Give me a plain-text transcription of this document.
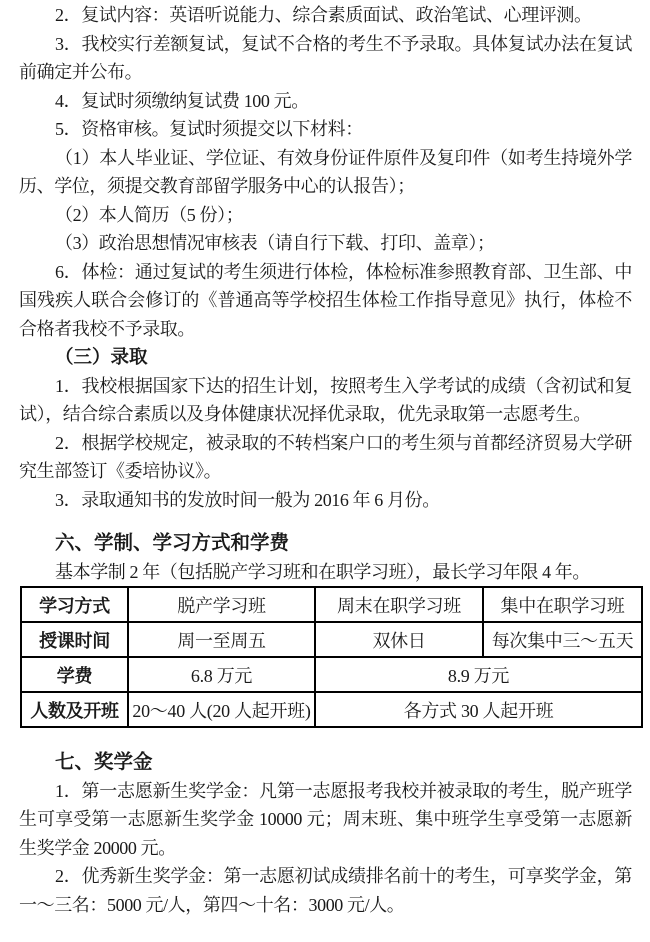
2．复试内容：英语听说能力、综合素质面试、政治笔试、心理评测。

3．我校实行差额复试，复试不合格的考生不予录取。具体复试办法在复试前确定并公布。

4．复试时须缴纳复试费 100 元。

5．资格审核。复试时须提交以下材料：

（1）本人毕业证、学位证、有效身份证件原件及复印件（如考生持境外学历、学位，须提交教育部留学服务中心的认报告）；

（2）本人简历（5 份）；

（3）政治思想情况审核表（请自行下载、打印、盖章）；

6．体检：通过复试的考生须进行体检，体检标准参照教育部、卫生部、中国残疾人联合会修订的《普通高等学校招生体检工作指导意见》执行，体检不合格者我校不予录取。

（三）录取

1．我校根据国家下达的招生计划，按照考生入学考试的成绩（含初试和复试），结合综合素质以及身体健康状况择优录取，优先录取第一志愿考生。

2．根据学校规定，被录取的不转档案户口的考生须与首都经济贸易大学研究生部签订《委培协议》。

3．录取通知书的发放时间一般为 2016 年 6 月份。

六、学制、学习方式和学费

基本学制 2 年（包括脱产学习班和在职学习班），最长学习年限 4 年。

学习方式	脱产学习班	周末在职学习班	集中在职学习班
授课时间	周一至周五	双休日	每次集中三～五天
学费	6.8 万元	8.9 万元	
人数及开班	20～40 人(20 人起开班)	各方式 30 人起开班	

七、奖学金

1．第一志愿新生奖学金：凡第一志愿报考我校并被录取的考生，脱产班学生可享受第一志愿新生奖学金 10000 元；周末班、集中班学生享受第一志愿新生奖学金 20000 元。

2．优秀新生奖学金：第一志愿初试成绩排名前十的考生，可享奖学金，第一～三名：5000 元/人，第四～十名：3000 元/人。
